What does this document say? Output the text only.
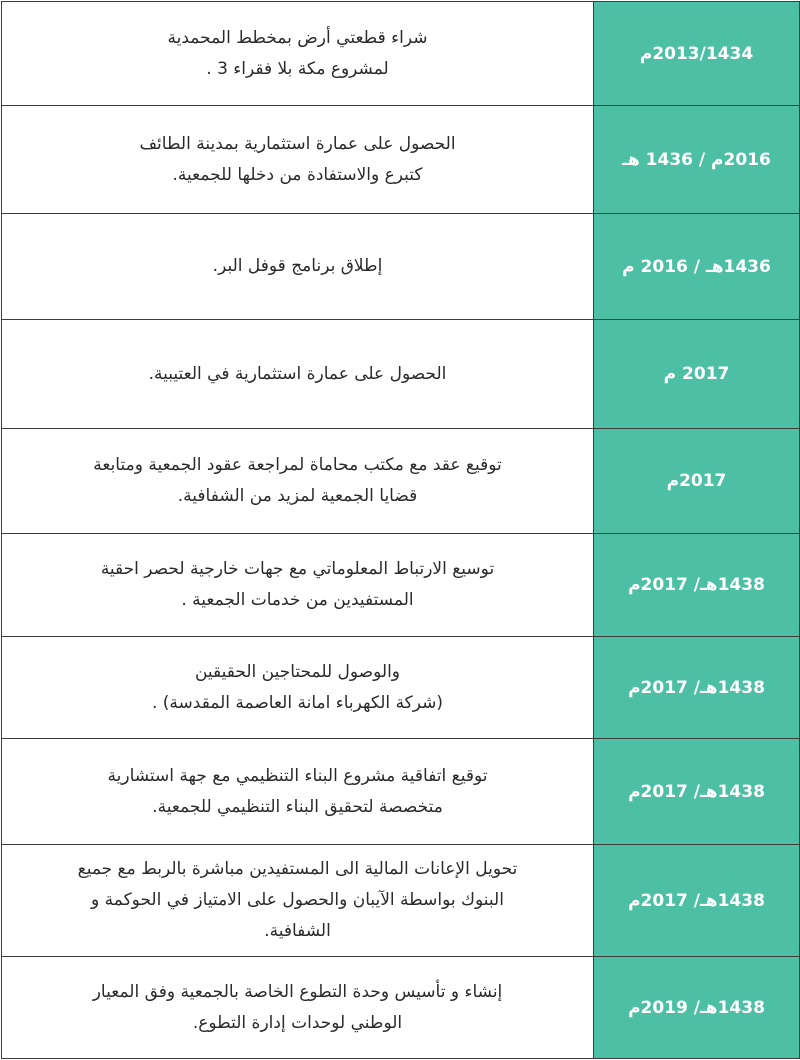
شراء قطعتي أرض بمخطط المحمدية
لمشروع مكة بلا فقراء 3 .	2013/1434م

الحصول على عمارة استثمارية بمدينة الطائف
كتبرع والاستفادة من دخلها للجمعية.	2016م / 1436 هـ

إطلاق برنامج قوفل البر.	1436هـ / 2016 م

الحصول على عمارة استثمارية في العتيبية.	2017 م

توقيع عقد مع مكتب محاماة لمراجعة عقود الجمعية ومتابعة
قضايا الجمعية لمزيد من الشفافية.	2017م

توسيع الارتباط المعلوماتي مع جهات خارجية لحصر احقية
المستفيدين من خدمات الجمعية .	1438هـ/ 2017م

والوصول للمحتاجين الحقيقين
(شركة الكهرباء امانة العاصمة المقدسة) .	1438هـ/ 2017م

توقيع اتفاقية مشروع البناء التنظيمي مع جهة استشارية
متخصصة لتحقيق البناء التنظيمي للجمعية.	1438هـ/ 2017م

تحويل الإعانات المالية الى المستفيدين مباشرة بالربط مع جميع
البنوك بواسطة الآيبان والحصول على الامتياز في الحوكمة و
الشفافية.	1438هـ/ 2017م

إنشاء و تأسيس وحدة التطوع الخاصة بالجمعية وفق المعيار
الوطني لوحدات إدارة التطوع.	1438هـ/ 2019م
